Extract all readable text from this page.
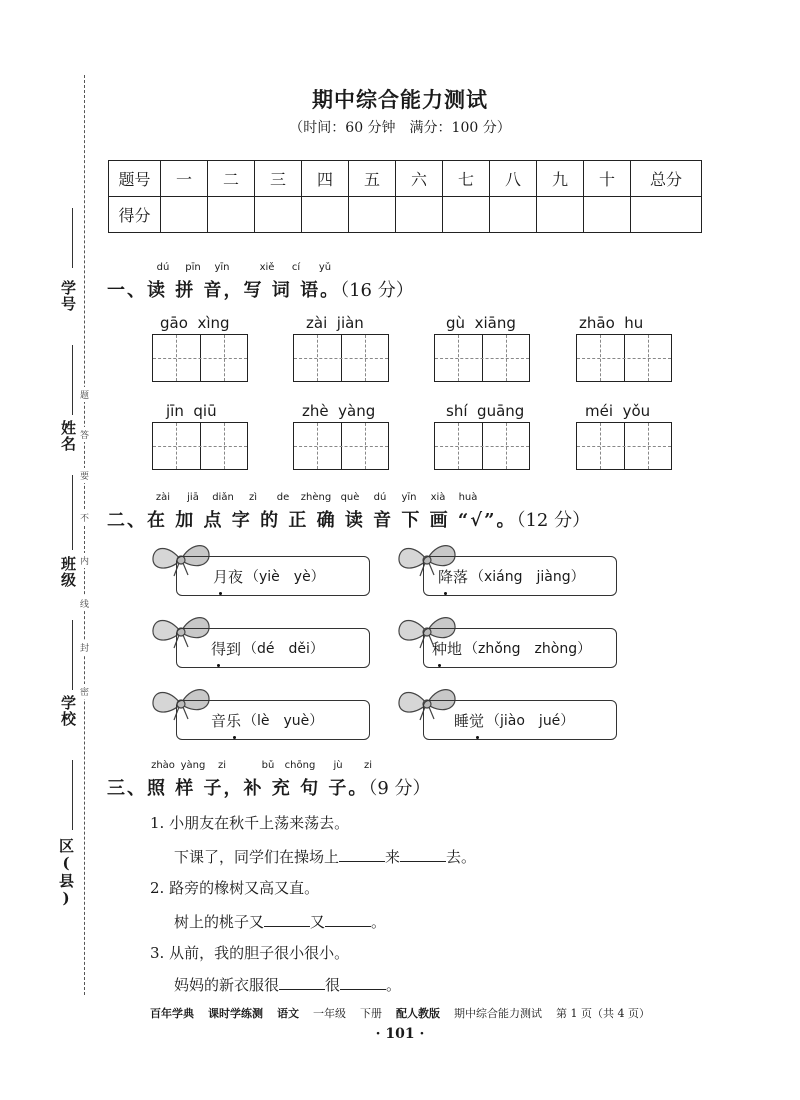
学号
姓名
班级
学校
区(县)
题
答
要
不
内
线
封
密
期中综合能力测试
（时间：60 分钟　满分：100 分）
题号	一	二	三	四	五	六	七	八	九	十	总分
得分											
dú pīn yīn	xiě cí yǔ
一、读 拼 音，写 词 语。（16 分）
gāo xìng	zài jiàn	gù xiāng	zhāo hu
jīn qiū	zhè yàng	shí guāng	méi yǒu
zài jiā diǎn zì de zhèng què dú yīn xià huà
二、在 加 点 字 的 正 确 读 音 下 画 “√”。（12 分）
月夜 （yiè　yè）	降落 （xiáng　jiàng）
得到 （dé　děi）	种地 （zhǒng　zhòng）
音乐 （lè　yuè）	睡觉 （jiào　jué）
zhào yàng zi	bǔ chōng jù zi
三、照 样 子，补 充 句 子。（9 分）
1. 小朋友在秋千上荡来荡去。
下课了，同学们在操场上	来	去。
2. 路旁的橡树又高又直。
树上的桃子又	又	。
3. 从前，我的胆子很小很小。
妈妈的新衣服很	很	。
百年学典 课时学练测 语文 一年级 下册 配人教版 期中综合能力测试 第 1 页（共 4 页）
· 101 ·
